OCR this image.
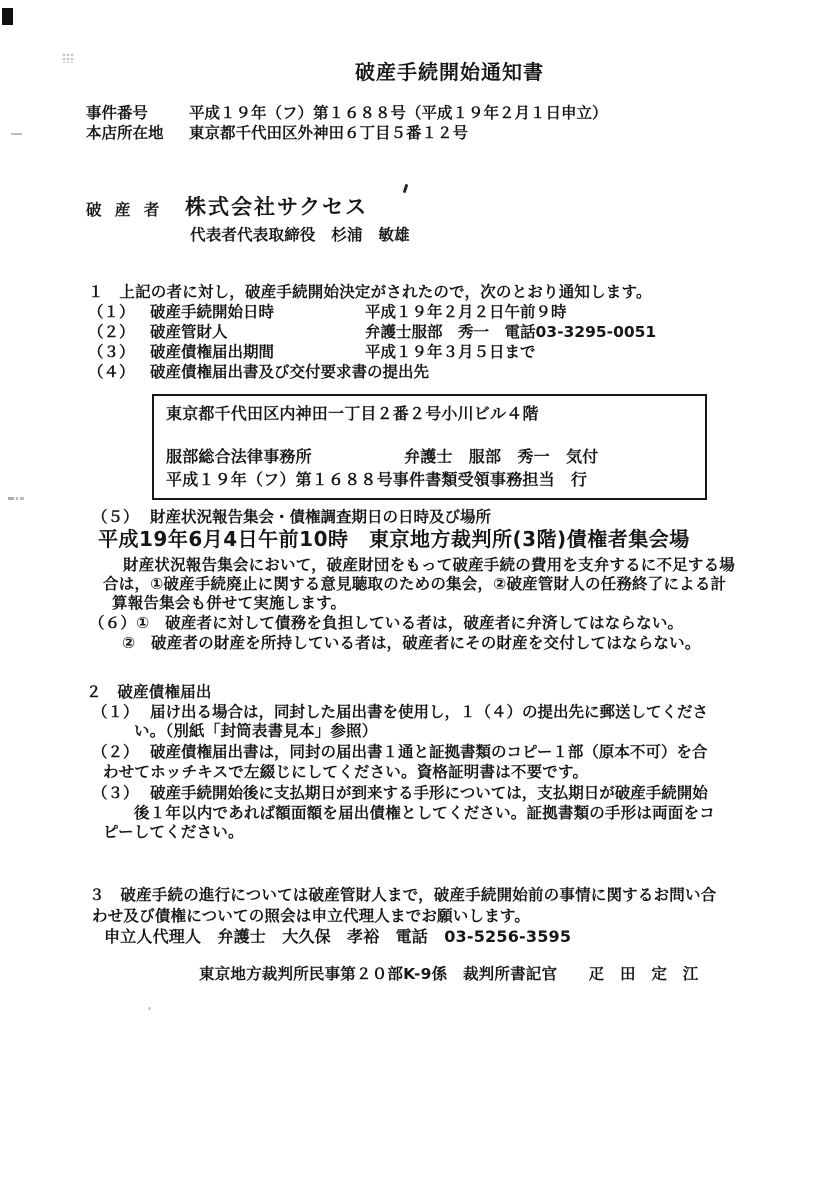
破産手続開始通知書
事件番号	平成１９年（フ）第１６８８号（平成１９年２月１日申立）
本店所在地	東京都千代田区外神田６丁目５番１２号
破 産 者 株式会社サクセス
代表者代表取締役　杉浦　敏雄
１　上記の者に対し，破産手続開始決定がされたので，次のとおり通知します。
（１） 破産手続開始日時	平成１９年２月２日午前９時
（２） 破産管財人	弁護士服部　秀一　電話03-3295-0051
（３） 破産債権届出期間	平成１９年３月５日まで
（４） 破産債権届出書及び交付要求書の提出先
東京都千代田区内神田一丁目２番２号小川ビル４階
服部総合法律事務所	弁護士　服部　秀一　気付
平成１９年（フ）第１６８８号事件書類受領事務担当　行
（５） 財産状況報告集会・債権調査期日の日時及び場所
平成19年6月4日午前10時　東京地方裁判所(3階)債権者集会場
財産状況報告集会において，破産財団をもって破産手続の費用を支弁するに不足する場
合は，①破産手続廃止に関する意見聴取のための集会，②破産管財人の任務終了による計
算報告集会も併せて実施します。
（６）①　破産者に対して債務を負担している者は，破産者に弁済してはならない。
②　破産者の財産を所持している者は，破産者にその財産を交付してはならない。
２　破産債権届出
（１） 届け出る場合は，同封した届出書を使用し，１（４）の提出先に郵送してくださ
い。（別紙「封筒表書見本」参照）
（２） 破産債権届出書は，同封の届出書１通と証拠書類のコピー１部（原本不可）を合
わせてホッチキスで左綴じにしてください。資格証明書は不要です。
（３） 破産手続開始後に支払期日が到来する手形については，支払期日が破産手続開始
後１年以内であれば額面額を届出債権としてください。証拠書類の手形は両面をコ
ピーしてください。
３　破産手続の進行については破産管財人まで，破産手続開始前の事情に関するお問い合
わせ及び債権についての照会は申立代理人までお願いします。
申立人代理人　弁護士　大久保　孝裕　電話　03-5256-3595
東京地方裁判所民事第２０部K-9係　裁判所書記官　　疋　田　定　江
